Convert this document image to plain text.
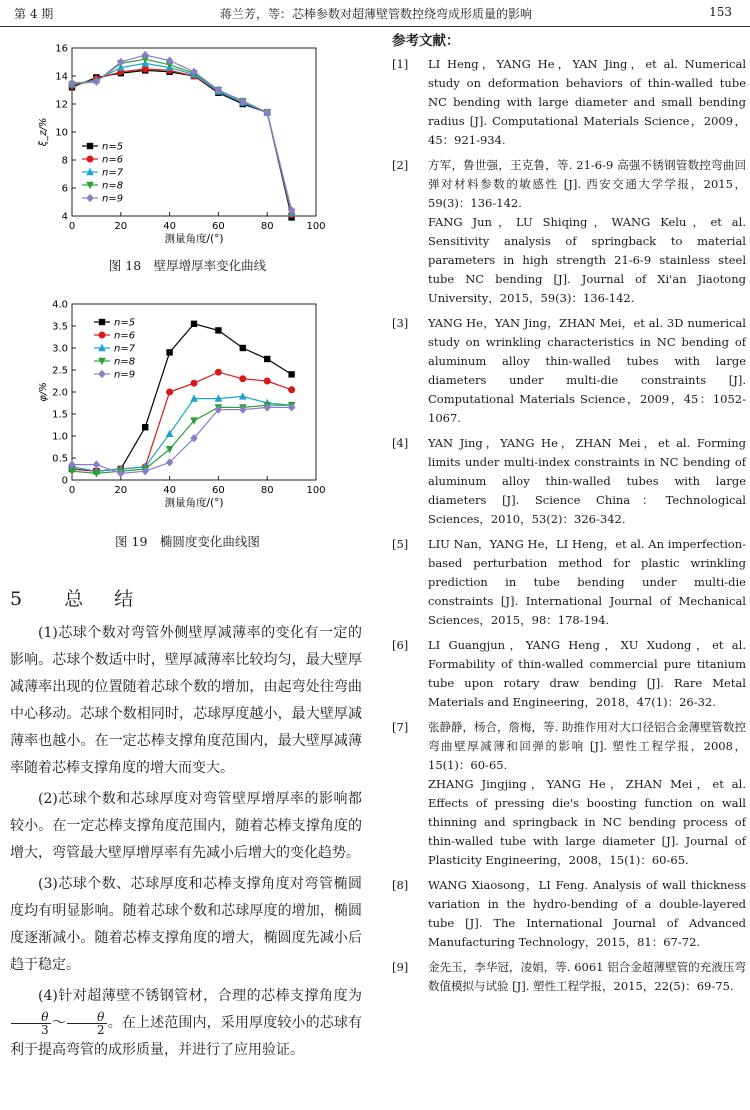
第 4 期	蒋兰芳，等：芯棒参数对超薄壁管数控绕弯成形质量的影响	153
0	20	40	60	80	100
4
6
8
10
12
14
16
测量角度/(°)
ξ_z/%
n=5
n=6
n=7
n=8
n=9
图 18　壁厚增厚率变化曲线
0	20	40	60	80	100
0
0.5
1.0
1.5
2.0
2.5
3.0
3.5
4.0
测量角度/(°)
φ/%
n=5
n=6
n=7
n=8
n=9
图 19　椭圆度变化曲线图
5 总　结

(1)芯球个数对弯管外侧壁厚减薄率的变化有一定的影响。芯球个数适中时，壁厚减薄率比较均匀，最大壁厚减薄率出现的位置随着芯球个数的增加，由起弯处往弯曲中心移动。芯球个数相同时，芯球厚度越小，最大壁厚减薄率也越小。在一定芯棒支撑角度范围内，最大壁厚减薄率随着芯棒支撑角度的增大而变大。

(2)芯球个数和芯球厚度对弯管壁厚增厚率的影响都较小。在一定芯棒支撑角度范围内，随着芯棒支撑角度的增大，弯管最大壁厚增厚率有先减小后增大的变化趋势。

(3)芯球个数、芯球厚度和芯棒支撑角度对弯管椭圆度均有明显影响。随着芯球个数和芯球厚度的增加，椭圆度逐渐减小。随着芯棒支撑角度的增大，椭圆度先减小后趋于稳定。

(4)针对超薄壁不锈钢管材，合理的芯棒支撑角度为
$\frac{\theta}{3}$ ～ $\frac{\theta}{2}$ 。在上述范围内，采用厚度较小的芯球有利于提高弯管的成形质量，并进行了应用验证。

参考文献：
[1] LI Heng，YANG He，YAN Jing，et al. Numerical study on deformation behaviors of thin-walled tube NC bending with large diameter and small bending radius [J]. Computational Materials Science，2009，45：921-934.
[2] 方军，鲁世强，王克鲁，等. 21-6-9 高强不锈钢管数控弯曲回弹对材料参数的敏感性 [J]. 西安交通大学学报，2015，59(3)：136-142.
FANG Jun，LU Shiqing，WANG Kelu，et al. Sensitivity analysis of springback to material parameters in high strength 21-6-9 stainless steel tube NC bending [J]. Journal of Xi'an Jiaotong University，2015，59(3)：136-142.
[3] YANG He，YAN Jing，ZHAN Mei，et al. 3D numerical study on wrinkling characteristics in NC bending of aluminum alloy thin-walled tubes with large diameters under multi-die constraints [J]. Computational Materials Science，2009，45：1052-1067.
[4] YAN Jing，YANG He，ZHAN Mei，et al. Forming limits under multi-index constraints in NC bending of aluminum alloy thin-walled tubes with large diameters [J]. Science China：Technological Sciences，2010，53(2)：326-342.
[5] LIU Nan，YANG He，LI Heng，et al. An imperfection-based perturbation method for plastic wrinkling prediction in tube bending under multi-die constraints [J]. International Journal of Mechanical Sciences，2015，98：178-194.
[6] LI Guangjun，YANG Heng，XU Xudong，et al. Formability of thin-walled commercial pure titanium tube upon rotary draw bending [J]. Rare Metal Materials and Engineering，2018，47(1)：26-32.
[7] 张静静，杨合，詹梅，等. 助推作用对大口径铝合金薄壁管数控弯曲壁厚减薄和回弹的影响 [J]. 塑性工程学报，2008，15(1)：60-65.
ZHANG Jingjing，YANG He，ZHAN Mei，et al. Effects of pressing die's boosting function on wall thinning and springback in NC bending process of thin-walled tube with large diameter [J]. Journal of Plasticity Engineering，2008，15(1)：60-65.
[8] WANG Xiaosong，LI Feng. Analysis of wall thickness variation in the hydro-bending of a double-layered tube [J]. The International Journal of Advanced Manufacturing Technology，2015，81：67-72.
[9] 金先玉，李华冠，凌娟，等. 6061 铝合金超薄壁管的充液压弯数值模拟与试验 [J]. 塑性工程学报，2015，22(5)：69-75.
